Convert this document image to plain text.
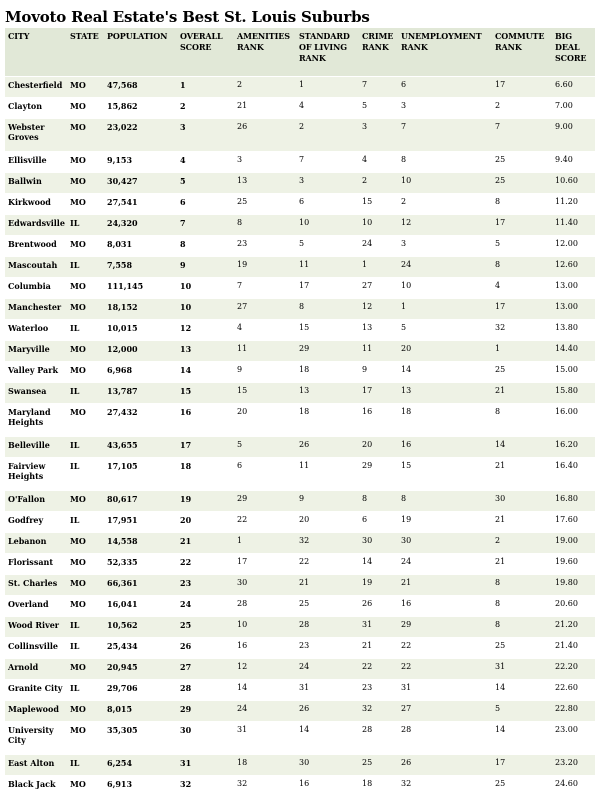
Movoto Real Estate's Best St. Louis Suburbs
CITY	STATE	POPULATION	OVERALL SCORE	AMENITIES RANK	STANDARD OF LIVING RANK	CRIME RANK	UNEMPLOYMENT RANK	COMMUTE RANK	BIG DEAL SCORE
Chesterfield	MO	47,568	1	2	1	7	6	17	6.60
Clayton	MO	15,862	2	21	4	5	3	2	7.00
Webster Groves	MO	23,022	3	26	2	3	7	7	9.00
Ellisville	MO	9,153	4	3	7	4	8	25	9.40
Ballwin	MO	30,427	5	13	3	2	10	25	10.60
Kirkwood	MO	27,541	6	25	6	15	2	8	11.20
Edwardsville	IL	24,320	7	8	10	10	12	17	11.40
Brentwood	MO	8,031	8	23	5	24	3	5	12.00
Mascoutah	IL	7,558	9	19	11	1	24	8	12.60
Columbia	MO	111,145	10	7	17	27	10	4	13.00
Manchester	MO	18,152	10	27	8	12	1	17	13.00
Waterloo	IL	10,015	12	4	15	13	5	32	13.80
Maryville	MO	12,000	13	11	29	11	20	1	14.40
Valley Park	MO	6,968	14	9	18	9	14	25	15.00
Swansea	IL	13,787	15	15	13	17	13	21	15.80
Maryland Heights	MO	27,432	16	20	18	16	18	8	16.00
Belleville	IL	43,655	17	5	26	20	16	14	16.20
Fairview Heights	IL	17,105	18	6	11	29	15	21	16.40
O'Fallon	MO	80,617	19	29	9	8	8	30	16.80
Godfrey	IL	17,951	20	22	20	6	19	21	17.60
Lebanon	MO	14,558	21	1	32	30	30	2	19.00
Florissant	MO	52,335	22	17	22	14	24	21	19.60
St. Charles	MO	66,361	23	30	21	19	21	8	19.80
Overland	MO	16,041	24	28	25	26	16	8	20.60
Wood River	IL	10,562	25	10	28	31	29	8	21.20
Collinsville	IL	25,434	26	16	23	21	22	25	21.40
Arnold	MO	20,945	27	12	24	22	22	31	22.20
Granite City	IL	29,706	28	14	31	23	31	14	22.60
Maplewood	MO	8,015	29	24	26	32	27	5	22.80
University City	MO	35,305	30	31	14	28	28	14	23.00
East Alton	IL	6,254	31	18	30	25	26	17	23.20
Black Jack	MO	6,913	32	32	16	18	32	25	24.60
